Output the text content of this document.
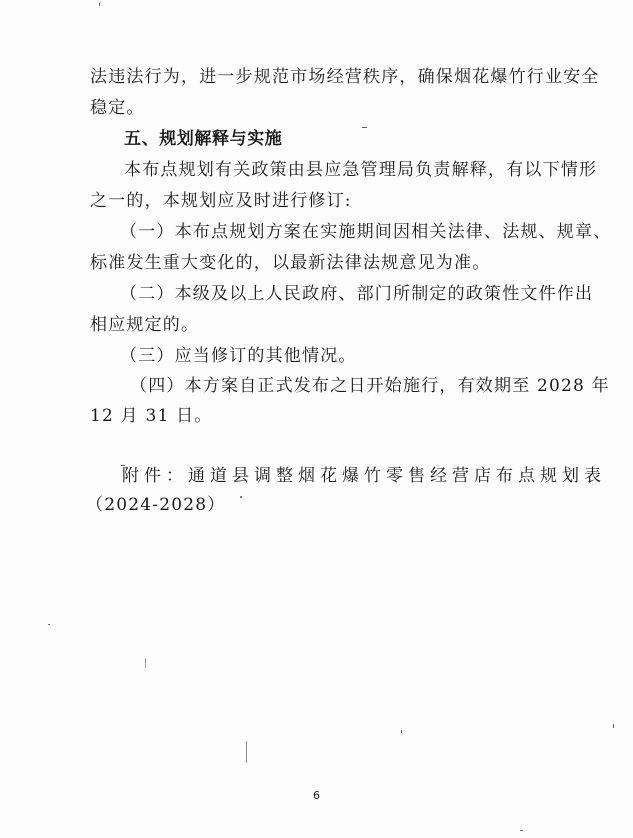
法违法行为，进一步规范市场经营秩序，确保烟花爆竹行业安全
稳定。
五、规划解释与实施
本布点规划有关政策由县应急管理局负责解释，有以下情形
之一的，本规划应及时进行修订:
（一）本布点规划方案在实施期间因相关法律、法规、规章、
标准发生重大变化的，以最新法律法规意见为准。
（二）本级及以上人民政府、部门所制定的政策性文件作出
相应规定的。
（三）应当修订的其他情况。
（四）本方案自正式发布之日开始施行，有效期至 2028 年
12 月 31 日。
附件：通道县调整烟花爆竹零售经营店布点规划表
（2024-2028）
6
